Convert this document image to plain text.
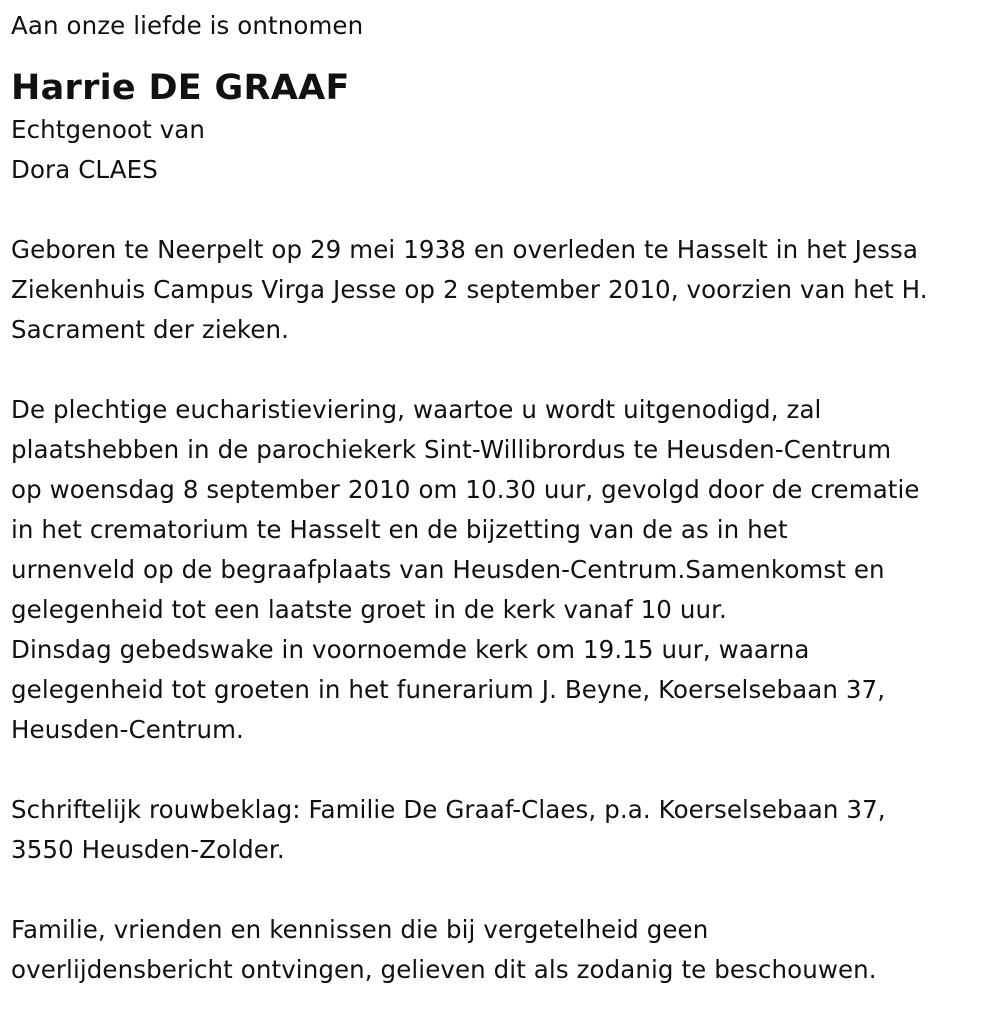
Aan onze liefde is ontnomen
Harrie DE GRAAF
Echtgenoot van
Dora CLAES
Geboren te Neerpelt op 29 mei 1938 en overleden te Hasselt in het Jessa
Ziekenhuis Campus Virga Jesse op 2 september 2010, voorzien van het H.
Sacrament der zieken.
De plechtige eucharistieviering, waartoe u wordt uitgenodigd, zal
plaatshebben in de parochiekerk Sint-Willibrordus te Heusden-Centrum
op woensdag 8 september 2010 om 10.30 uur, gevolgd door de crematie
in het crematorium te Hasselt en de bijzetting van de as in het
urnenveld op de begraafplaats van Heusden-Centrum.Samenkomst en
gelegenheid tot een laatste groet in de kerk vanaf 10 uur.
Dinsdag gebedswake in voornoemde kerk om 19.15 uur, waarna
gelegenheid tot groeten in het funerarium J. Beyne, Koerselsebaan 37,
Heusden-Centrum.
Schriftelijk rouwbeklag: Familie De Graaf-Claes, p.a. Koerselsebaan 37,
3550 Heusden-Zolder.
Familie, vrienden en kennissen die bij vergetelheid geen
overlijdensbericht ontvingen, gelieven dit als zodanig te beschouwen.
